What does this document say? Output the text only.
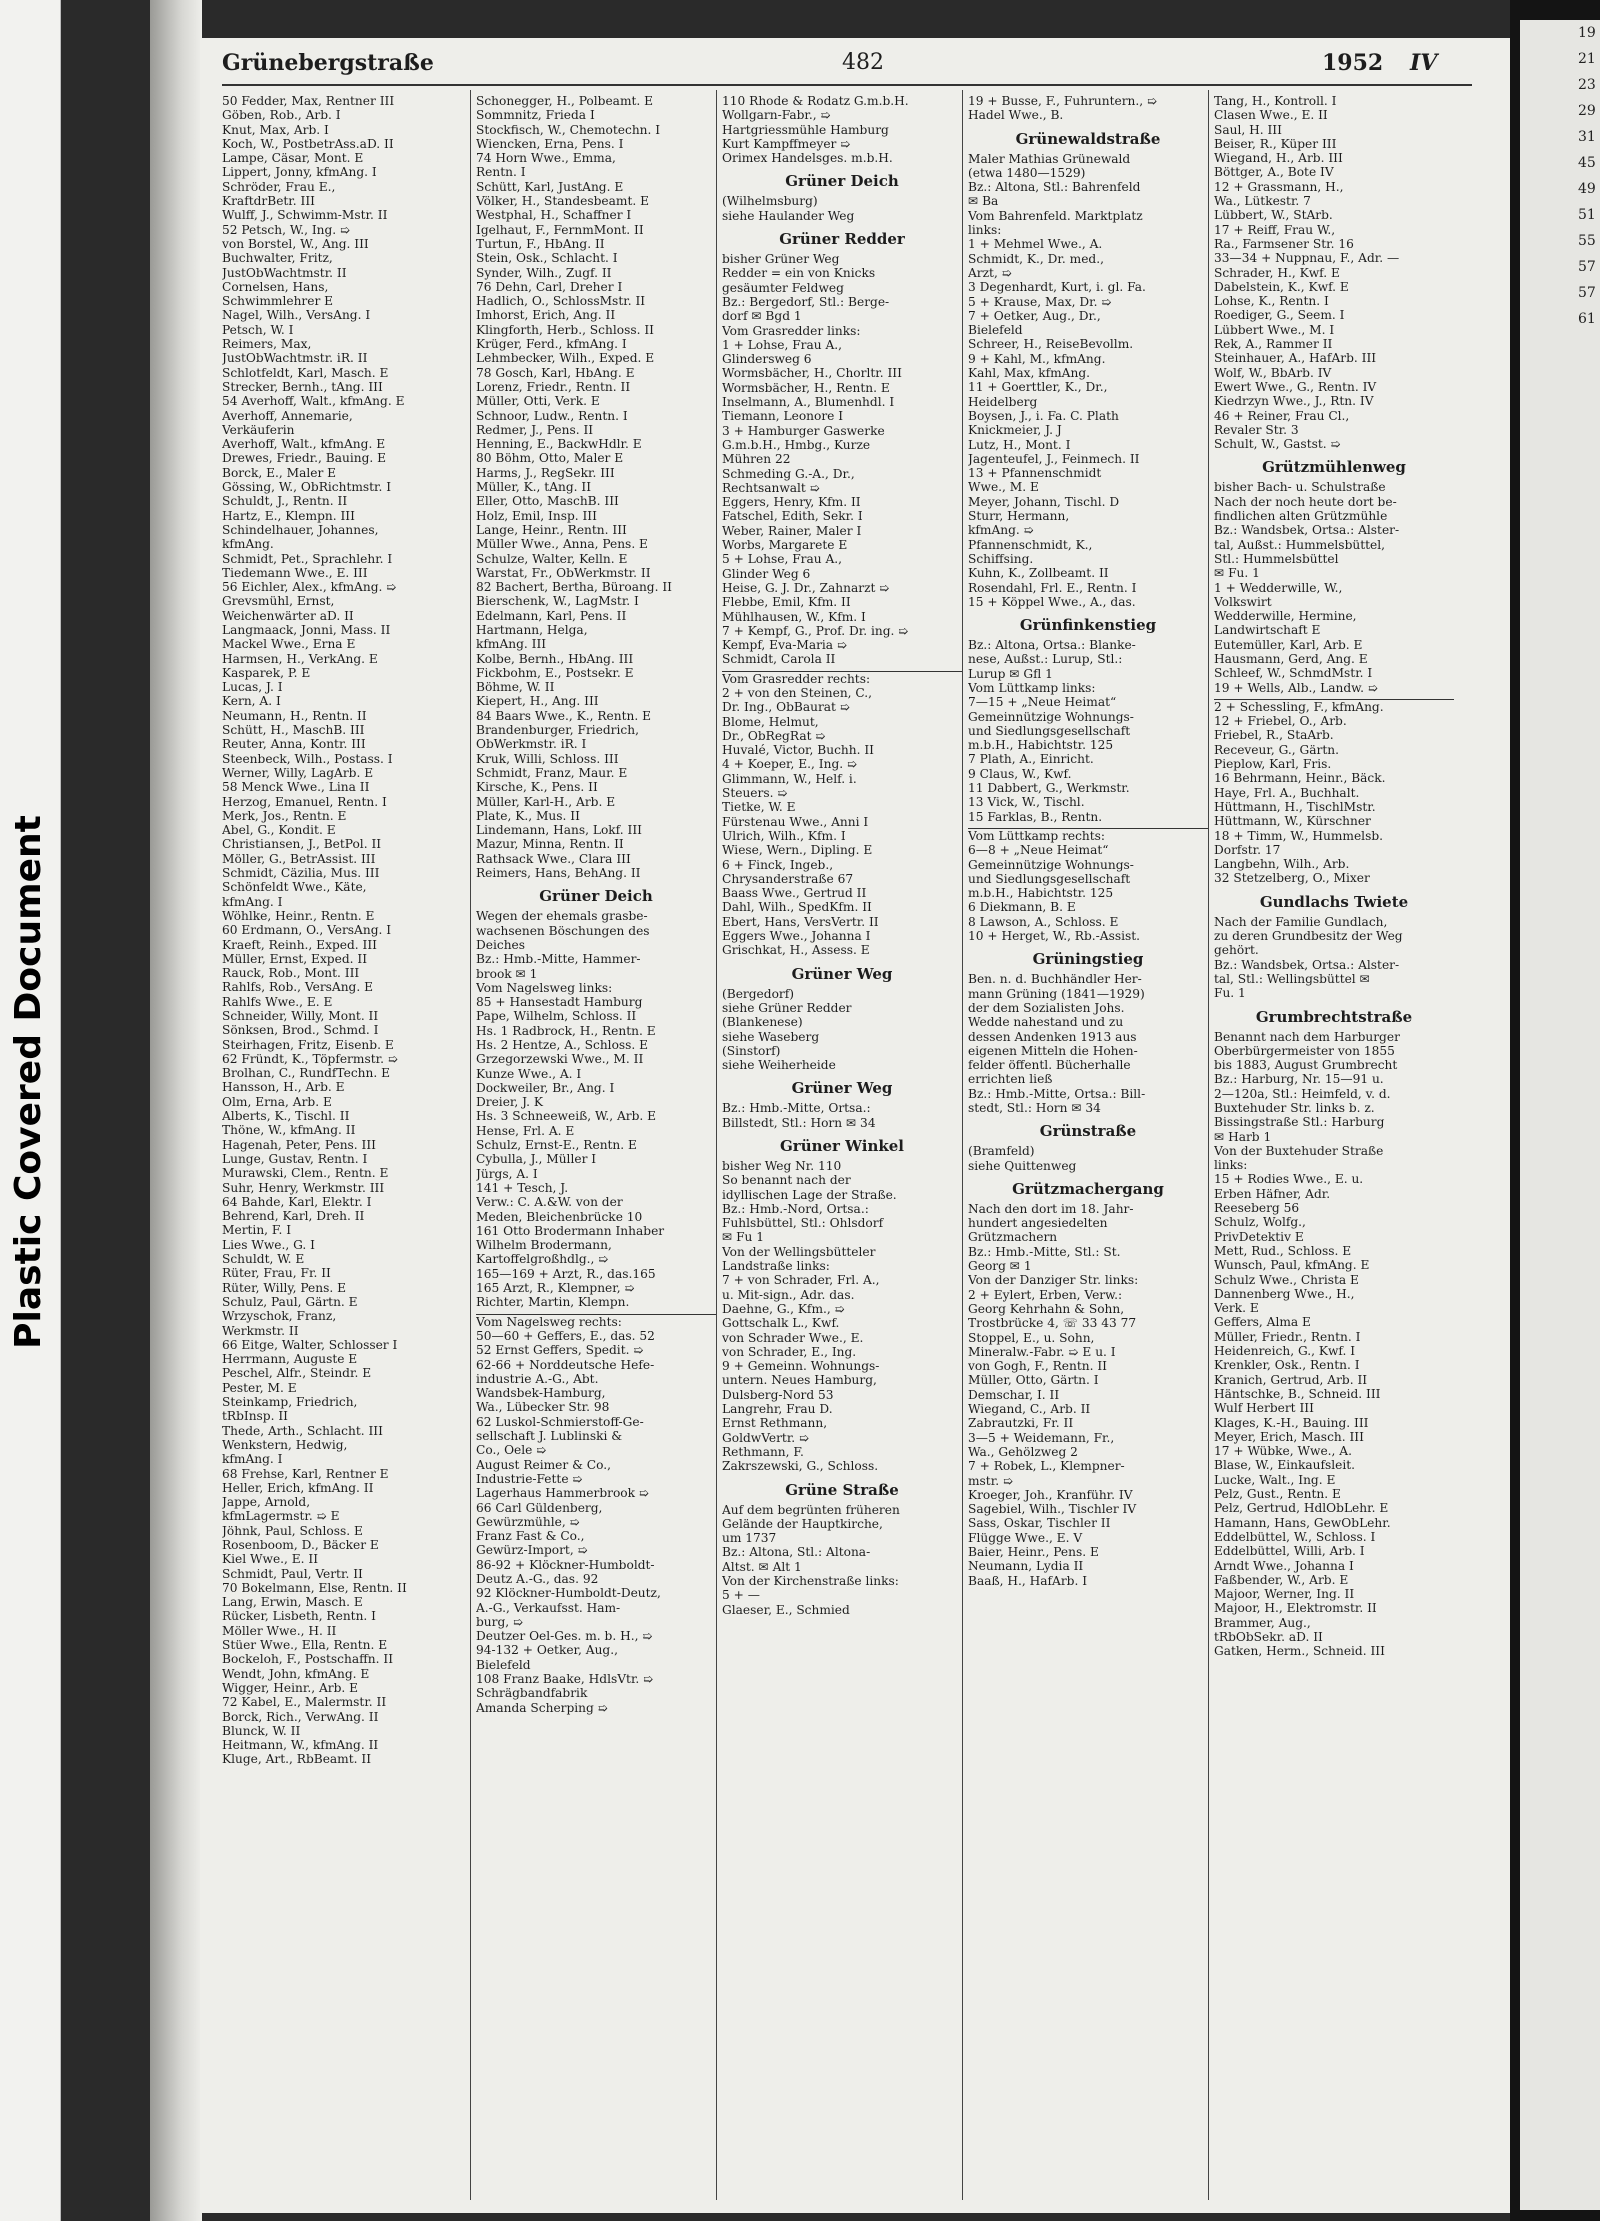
Plastic Covered Document
19
21
23
29
31
45
49
51
55
57
57
61
Grünebergstraße	482	1952 IV
50 Fedder, Max, Rentner III
Göben, Rob., Arb. I
Knut, Max, Arb. I
Koch, W., PostbetrAss.aD. II
Lampe, Cäsar, Mont. E
Lippert, Jonny, kfmAng. I
Schröder, Frau E.,
KraftdrBetr. III
Wulff, J., Schwimm-Mstr. II
52 Petsch, W., Ing. ➯
von Borstel, W., Ang. III
Buchwalter, Fritz,
JustObWachtmstr. II
Cornelsen, Hans,
Schwimmlehrer E
Nagel, Wilh., VersAng. I
Petsch, W. I
Reimers, Max,
JustObWachtmstr. iR. II
Schlotfeldt, Karl, Masch. E
Strecker, Bernh., tAng. III
54 Averhoff, Walt., kfmAng. E
Averhoff, Annemarie,
Verkäuferin
Averhoff, Walt., kfmAng. E
Drewes, Friedr., Bauing. E
Borck, E., Maler E
Gössing, W., ObRichtmstr. I
Schuldt, J., Rentn. II
Hartz, E., Klempn. III
Schindelhauer, Johannes,
kfmAng.
Schmidt, Pet., Sprachlehr. I
Tiedemann Wwe., E. III
56 Eichler, Alex., kfmAng. ➯
Grevsmühl, Ernst,
Weichenwärter aD. II
Langmaack, Jonni, Mass. II
Mackel Wwe., Erna E
Harmsen, H., VerkAng. E
Kasparek, P. E
Lucas, J. I
Kern, A. I
Neumann, H., Rentn. II
Schütt, H., MaschB. III
Reuter, Anna, Kontr. III
Steenbeck, Wilh., Postass. I
Werner, Willy, LagArb. E
58 Menck Wwe., Lina II
Herzog, Emanuel, Rentn. I
Merk, Jos., Rentn. E
Abel, G., Kondit. E
Christiansen, J., BetPol. II
Möller, G., BetrAssist. III
Schmidt, Cäzilia, Mus. III
Schönfeldt Wwe., Käte,
kfmAng. I
Wöhlke, Heinr., Rentn. E
60 Erdmann, O., VersAng. I
Kraeft, Reinh., Exped. III
Müller, Ernst, Exped. II
Rauck, Rob., Mont. III
Rahlfs, Rob., VersAng. E
Rahlfs Wwe., E. E
Schneider, Willy, Mont. II
Sönksen, Brod., Schmd. I
Steirhagen, Fritz, Eisenb. E
62 Fründt, K., Töpfermstr. ➯
Brolhan, C., RundfTechn. E
Hansson, H., Arb. E
Olm, Erna, Arb. E
Alberts, K., Tischl. II
Thöne, W., kfmAng. II
Hagenah, Peter, Pens. III
Lunge, Gustav, Rentn. I
Murawski, Clem., Rentn. E
Suhr, Henry, Werkmstr. III
64 Bahde, Karl, Elektr. I
Behrend, Karl, Dreh. II
Mertin, F. I
Lies Wwe., G. I
Schuldt, W. E
Rüter, Frau, Fr. II
Rüter, Willy, Pens. E
Schulz, Paul, Gärtn. E
Wrzyschok, Franz,
Werkmstr. II
66 Eitge, Walter, Schlosser I
Herrmann, Auguste E
Peschel, Alfr., Steindr. E
Pester, M. E
Steinkamp, Friedrich,
tRbInsp. II
Thede, Arth., Schlacht. III
Wenkstern, Hedwig,
kfmAng. I
68 Frehse, Karl, Rentner E
Heller, Erich, kfmAng. II
Jappe, Arnold,
kfmLagermstr. ➯ E
Jöhnk, Paul, Schloss. E
Rosenboom, D., Bäcker E
Kiel Wwe., E. II
Schmidt, Paul, Vertr. II
70 Bokelmann, Else, Rentn. II
Lang, Erwin, Masch. E
Rücker, Lisbeth, Rentn. I
Möller Wwe., H. II
Stüer Wwe., Ella, Rentn. E
Bockeloh, F., Postschaffn. II
Wendt, John, kfmAng. E
Wigger, Heinr., Arb. E
72 Kabel, E., Malermstr. II
Borck, Rich., VerwAng. II
Blunck, W. II
Heitmann, W., kfmAng. II
Kluge, Art., RbBeamt. II
Schonegger, H., Polbeamt. E
Sommnitz, Frieda I
Stockfisch, W., Chemotechn. I
Wiencken, Erna, Pens. I
74 Horn Wwe., Emma,
Rentn. I
Schütt, Karl, JustAng. E
Völker, H., Standesbeamt. E
Westphal, H., Schaffner I
Igelhaut, F., FernmMont. II
Turtun, F., HbAng. II
Stein, Osk., Schlacht. I
Synder, Wilh., Zugf. II
76 Dehn, Carl, Dreher I
Hadlich, O., SchlossMstr. II
Imhorst, Erich, Ang. II
Klingforth, Herb., Schloss. II
Krüger, Ferd., kfmAng. I
Lehmbecker, Wilh., Exped. E
78 Gosch, Karl, HbAng. E
Lorenz, Friedr., Rentn. II
Müller, Otti, Verk. E
Schnoor, Ludw., Rentn. I
Redmer, J., Pens. II
Henning, E., BackwHdlr. E
80 Böhm, Otto, Maler E
Harms, J., RegSekr. III
Müller, K., tAng. II
Eller, Otto, MaschB. III
Holz, Emil, Insp. III
Lange, Heinr., Rentn. III
Müller Wwe., Anna, Pens. E
Schulze, Walter, Kelln. E
Warstat, Fr., ObWerkmstr. II
82 Bachert, Bertha, Büroang. II
Bierschenk, W., LagMstr. I
Edelmann, Karl, Pens. II
Hartmann, Helga,
kfmAng. III
Kolbe, Bernh., HbAng. III
Fickbohm, E., Postsekr. E
Böhme, W. II
Kiepert, H., Ang. III
84 Baars Wwe., K., Rentn. E
Brandenburger, Friedrich,
ObWerkmstr. iR. I
Kruk, Willi, Schloss. III
Schmidt, Franz, Maur. E
Kirsche, K., Pens. II
Müller, Karl-H., Arb. E
Plate, K., Mus. II
Lindemann, Hans, Lokf. III
Mazur, Minna, Rentn. II
Rathsack Wwe., Clara III
Reimers, Hans, BehAng. II
Grüner Deich
Wegen der ehemals grasbe-
wachsenen Böschungen des
Deiches
Bz.: Hmb.-Mitte, Hammer-
brook ✉ 1
Vom Nagelsweg links:
85 + Hansestadt Hamburg
Pape, Wilhelm, Schloss. II
Hs. 1 Radbrock, H., Rentn. E
Hs. 2 Hentze, A., Schloss. E
Grzegorzewski Wwe., M. II
Kunze Wwe., A. I
Dockweiler, Br., Ang. I
Dreier, J. K
Hs. 3 Schneeweiß, W., Arb. E
Hense, Frl. A. E
Schulz, Ernst-E., Rentn. E
Cybulla, J., Müller I
Jürgs, A. I
141 + Tesch, J.
Verw.: C. A.&W. von der
Meden, Bleichenbrücke 10
161 Otto Brodermann Inhaber
Wilhelm Brodermann,
Kartoffelgroßhdlg., ➯
165—169 + Arzt, R., das.165
165 Arzt, R., Klempner, ➯
Richter, Martin, Klempn.
Vom Nagelsweg rechts:
50—60 + Geffers, E., das. 52
52 Ernst Geffers, Spedit. ➯
62-66 + Norddeutsche Hefe-
industrie A.-G., Abt.
Wandsbek-Hamburg,
Wa., Lübecker Str. 98
62 Luskol-Schmierstoff-Ge-
sellschaft J. Lublinski &
Co., Oele ➯
August Reimer & Co.,
Industrie-Fette ➯
Lagerhaus Hammerbrook ➯
66 Carl Güldenberg,
Gewürzmühle, ➯
Franz Fast & Co.,
Gewürz-Import, ➯
86-92 + Klöckner-Humboldt-
Deutz A.-G., das. 92
92 Klöckner-Humboldt-Deutz,
A.-G., Verkaufsst. Ham-
burg, ➯
Deutzer Oel-Ges. m. b. H., ➯
94-132 + Oetker, Aug.,
Bielefeld
108 Franz Baake, HdlsVtr. ➯
Schrägbandfabrik
Amanda Scherping ➯
110 Rhode & Rodatz G.m.b.H.
Wollgarn-Fabr., ➯
Hartgriessmühle Hamburg
Kurt Kampffmeyer ➯
Orimex Handelsges. m.b.H.
Grüner Deich
(Wilhelmsburg)
siehe Haulander Weg
Grüner Redder
bisher Grüner Weg
Redder = ein von Knicks
gesäumter Feldweg
Bz.: Bergedorf, Stl.: Berge-
dorf ✉ Bgd 1
Vom Grasredder links:
1 + Lohse, Frau A.,
Glindersweg 6
Wormsbächer, H., Chorltr. III
Wormsbächer, H., Rentn. E
Inselmann, A., Blumenhdl. I
Tiemann, Leonore I
3 + Hamburger Gaswerke
G.m.b.H., Hmbg., Kurze
Mühren 22
Schmeding G.-A., Dr.,
Rechtsanwalt ➯
Eggers, Henry, Kfm. II
Fatschel, Edith, Sekr. I
Weber, Rainer, Maler I
Worbs, Margarete E
5 + Lohse, Frau A.,
Glinder Weg 6
Heise, G. J. Dr., Zahnarzt ➯
Flebbe, Emil, Kfm. II
Mühlhausen, W., Kfm. I
7 + Kempf, G., Prof. Dr. ing. ➯
Kempf, Eva-Maria ➯
Schmidt, Carola II
Vom Grasredder rechts:
2 + von den Steinen, C.,
Dr. Ing., ObBaurat ➯
Blome, Helmut,
Dr., ObRegRat ➯
Huvalé, Victor, Buchh. II
4 + Koeper, E., Ing. ➯
Glimmann, W., Helf. i.
Steuers. ➯
Tietke, W. E
Fürstenau Wwe., Anni I
Ulrich, Wilh., Kfm. I
Wiese, Wern., Dipling. E
6 + Finck, Ingeb.,
Chrysanderstraße 67
Baass Wwe., Gertrud II
Dahl, Wilh., SpedKfm. II
Ebert, Hans, VersVertr. II
Eggers Wwe., Johanna I
Grischkat, H., Assess. E
Grüner Weg
(Bergedorf)
siehe Grüner Redder
(Blankenese)
siehe Waseberg
(Sinstorf)
siehe Weiherheide
Grüner Weg
Bz.: Hmb.-Mitte, Ortsa.:
Billstedt, Stl.: Horn ✉ 34
Grüner Winkel
bisher Weg Nr. 110
So benannt nach der
idyllischen Lage der Straße.
Bz.: Hmb.-Nord, Ortsa.:
Fuhlsbüttel, Stl.: Ohlsdorf
✉ Fu 1
Von der Wellingsbütteler
Landstraße links:
7 + von Schrader, Frl. A.,
u. Mit-sign., Adr. das.
Daehne, G., Kfm., ➯
Gottschalk L., Kwf.
von Schrader Wwe., E.
von Schrader, E., Ing.
9 + Gemeinn. Wohnungs-
untern. Neues Hamburg,
Dulsberg-Nord 53
Langrehr, Frau D.
Ernst Rethmann,
GoldwVertr. ➯
Rethmann, F.
Zakrszewski, G., Schloss.
Grüne Straße
Auf dem begrünten früheren
Gelände der Hauptkirche,
um 1737
Bz.: Altona, Stl.: Altona-
Altst. ✉ Alt 1
Von der Kirchenstraße links:
5 + —
Glaeser, E., Schmied
19 + Busse, F., Fuhruntern., ➯
Hadel Wwe., B.
Grünewaldstraße
Maler Mathias Grünewald
(etwa 1480—1529)
Bz.: Altona, Stl.: Bahrenfeld
✉ Ba
Vom Bahrenfeld. Marktplatz
links:
1 + Mehmel Wwe., A.
Schmidt, K., Dr. med.,
Arzt, ➯
3 Degenhardt, Kurt, i. gl. Fa.
5 + Krause, Max, Dr. ➯
7 + Oetker, Aug., Dr.,
Bielefeld
Schreer, H., ReiseBevollm.
9 + Kahl, M., kfmAng.
Kahl, Max, kfmAng.
11 + Goerttler, K., Dr.,
Heidelberg
Boysen, J., i. Fa. C. Plath
Knickmeier, J. J
Lutz, H., Mont. I
Jagenteufel, J., Feinmech. II
13 + Pfannenschmidt
Wwe., M. E
Meyer, Johann, Tischl. D
Sturr, Hermann,
kfmAng. ➯
Pfannenschmidt, K.,
Schiffsing.
Kuhn, K., Zollbeamt. II
Rosendahl, Frl. E., Rentn. I
15 + Köppel Wwe., A., das.
Grünfinkenstieg
Bz.: Altona, Ortsa.: Blanke-
nese, Außst.: Lurup, Stl.:
Lurup ✉ Gfl 1
Vom Lüttkamp links:
7—15 + „Neue Heimat“
Gemeinnützige Wohnungs-
und Siedlungsgesellschaft
m.b.H., Habichtstr. 125
7 Plath, A., Einricht.
9 Claus, W., Kwf.
11 Dabbert, G., Werkmstr.
13 Vick, W., Tischl.
15 Farklas, B., Rentn.
Vom Lüttkamp rechts:
6—8 + „Neue Heimat“
Gemeinnützige Wohnungs-
und Siedlungsgesellschaft
m.b.H., Habichtstr. 125
6 Diekmann, B. E
8 Lawson, A., Schloss. E
10 + Herget, W., Rb.-Assist.
Grüningstieg
Ben. n. d. Buchhändler Her-
mann Grüning (1841—1929)
der dem Sozialisten Johs.
Wedde nahestand und zu
dessen Andenken 1913 aus
eigenen Mitteln die Hohen-
felder öffentl. Bücherhalle
errichten ließ
Bz.: Hmb.-Mitte, Ortsa.: Bill-
stedt, Stl.: Horn ✉ 34
Grünstraße
(Bramfeld)
siehe Quittenweg
Grützmachergang
Nach den dort im 18. Jahr-
hundert angesiedelten
Grützmachern
Bz.: Hmb.-Mitte, Stl.: St.
Georg ✉ 1
Von der Danziger Str. links:
2 + Eylert, Erben, Verw.:
Georg Kehrhahn & Sohn,
Trostbrücke 4, ☏ 33 43 77
Stoppel, E., u. Sohn,
Mineralw.-Fabr. ➯ E u. I
von Gogh, F., Rentn. II
Müller, Otto, Gärtn. I
Demschar, I. II
Wiegand, C., Arb. II
Zabrautzki, Fr. II
3—5 + Weidemann, Fr.,
Wa., Gehölzweg 2
7 + Robek, L., Klempner-
mstr. ➯
Kroeger, Joh., Kranführ. IV
Sagebiel, Wilh., Tischler IV
Sass, Oskar, Tischler II
Flügge Wwe., E. V
Baier, Heinr., Pens. E
Neumann, Lydia II
Baaß, H., HafArb. I
Tang, H., Kontroll. I
Clasen Wwe., E. II
Saul, H. III
Beiser, R., Küper III
Wiegand, H., Arb. III
Böttger, A., Bote IV
12 + Grassmann, H.,
Wa., Lütkestr. 7
Lübbert, W., StArb.
17 + Reiff, Frau W.,
Ra., Farmsener Str. 16
33—34 + Nuppnau, F., Adr. —
Schrader, H., Kwf. E
Dabelstein, K., Kwf. E
Lohse, K., Rentn. I
Roediger, G., Seem. I
Lübbert Wwe., M. I
Rek, A., Rammer II
Steinhauer, A., HafArb. III
Wolf, W., BbArb. IV
Ewert Wwe., G., Rentn. IV
Kiedrzyn Wwe., J., Rtn. IV
46 + Reiner, Frau Cl.,
Revaler Str. 3
Schult, W., Gastst. ➯
Grützmühlenweg
bisher Bach- u. Schulstraße
Nach der noch heute dort be-
findlichen alten Grützmühle
Bz.: Wandsbek, Ortsa.: Alster-
tal, Außst.: Hummelsbüttel,
Stl.: Hummelsbüttel
✉ Fu. 1
1 + Wedderwille, W.,
Volkswirt
Wedderwille, Hermine,
Landwirtschaft E
Eutemüller, Karl, Arb. E
Hausmann, Gerd, Ang. E
Schleef, W., SchmdMstr. I
19 + Wells, Alb., Landw. ➯
2 + Schessling, F., kfmAng.
12 + Friebel, O., Arb.
Friebel, R., StaArb.
Receveur, G., Gärtn.
Pieplow, Karl, Fris.
16 Behrmann, Heinr., Bäck.
Haye, Frl. A., Buchhalt.
Hüttmann, H., TischlMstr.
Hüttmann, W., Kürschner
18 + Timm, W., Hummelsb.
Dorfstr. 17
Langbehn, Wilh., Arb.
32 Stetzelberg, O., Mixer
Gundlachs Twiete
Nach der Familie Gundlach,
zu deren Grundbesitz der Weg
gehört.
Bz.: Wandsbek, Ortsa.: Alster-
tal, Stl.: Wellingsbüttel ✉
Fu. 1
Grumbrechtstraße
Benannt nach dem Harburger
Oberbürgermeister von 1855
bis 1883, August Grumbrecht
Bz.: Harburg, Nr. 15—91 u.
2—120a, Stl.: Heimfeld, v. d.
Buxtehuder Str. links b. z.
Bissingstraße Stl.: Harburg
✉ Harb 1
Von der Buxtehuder Straße
links:
15 + Rodies Wwe., E. u.
Erben Häfner, Adr.
Reeseberg 56
Schulz, Wolfg.,
PrivDetektiv E
Mett, Rud., Schloss. E
Wunsch, Paul, kfmAng. E
Schulz Wwe., Christa E
Dannenberg Wwe., H.,
Verk. E
Geffers, Alma E
Müller, Friedr., Rentn. I
Heidenreich, G., Kwf. I
Krenkler, Osk., Rentn. I
Kranich, Gertrud, Arb. II
Häntschke, B., Schneid. III
Wulf Herbert III
Klages, K.-H., Bauing. III
Meyer, Erich, Masch. III
17 + Wübke, Wwe., A.
Blase, W., Einkaufsleit.
Lucke, Walt., Ing. E
Pelz, Gust., Rentn. E
Pelz, Gertrud, HdlObLehr. E
Hamann, Hans, GewObLehr.
Eddelbüttel, W., Schloss. I
Eddelbüttel, Willi, Arb. I
Arndt Wwe., Johanna I
Faßbender, W., Arb. E
Majoor, Werner, Ing. II
Majoor, H., Elektromstr. II
Brammer, Aug.,
tRbObSekr. aD. II
Gatken, Herm., Schneid. III
